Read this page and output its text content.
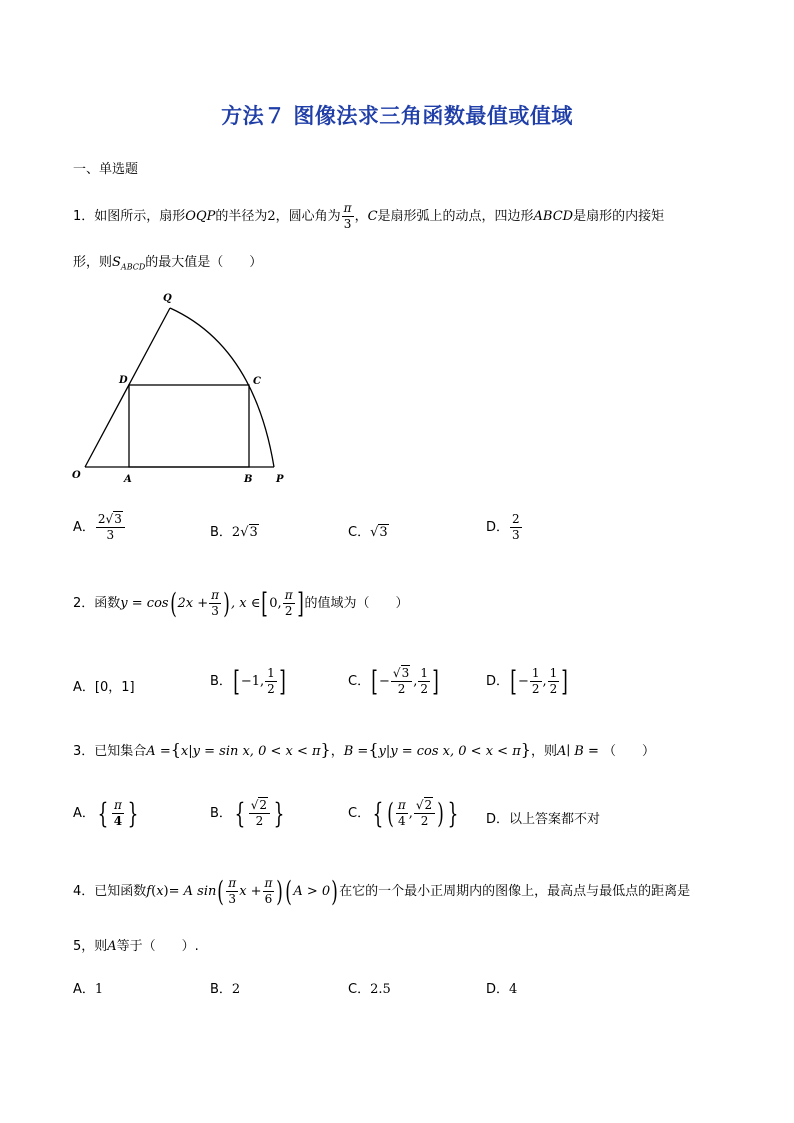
方法７ 图像法求三角函数最值或值域
一、单选题
1．如图所示，扇形OQP的半径为2，圆心角为 $\frac{\pi}{3}$ ，C是扇形弧上的动点，四边形ABCD是扇形的内接矩
形，则$S_{ABCD}$的最大值是（　　）
Q
D	C
O	A	B P
A． $\frac{2√3}{3}$	B．2√3	C．√3	D． $\frac{2}{3}$
2．函数$y = \cos(2x + \frac{\pi}{3}$ ), x ∈[0, $\frac{\pi}{2}$ ]的值域为（　　）
A．[0，1]	B．[−1, $\frac{1}{2}$ ]	C．[− $\frac{√3}{2}$ , $\frac{1}{2}$ ]	D．[− $\frac{1}{2}$ , $\frac{1}{2}$ ]
3．已知集合A ={x|y = sin x, 0 < x < π}，B ={y|y = cos x, 0 < x < π}，则A∣ B = （　　）
A．{ $\frac{\pi}{4}$ }	B．{ $\frac{√2}{2}$ }	C．{ ( $\frac{\pi}{4}$ , $\frac{√2}{2}$ ) } D．以上答案都不对
4．已知函数f(x)= A $\sin( \frac{\pi}{3}$ $x + \frac{\pi}{6} )(A > 0)$在它的一个最小正周期内的图像上，最高点与最低点的距离是
5，则A等于（　　）.
A．1	B．2	C．2.5	D．4
